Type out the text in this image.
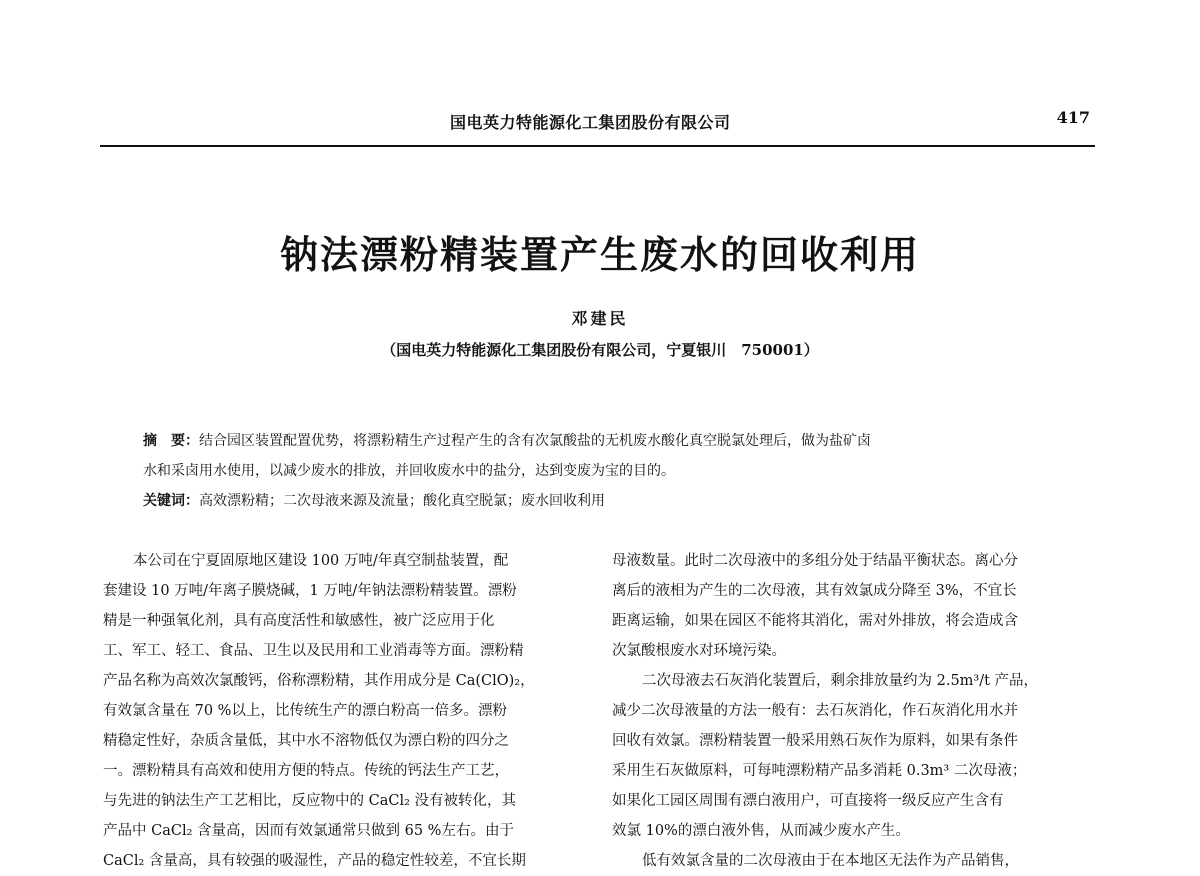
国电英力特能源化工集团股份有限公司	417
钠法漂粉精装置产生废水的回收利用
邓建民
（国电英力特能源化工集团股份有限公司，宁夏银川　750001）

摘　要：结合园区装置配置优势，将漂粉精生产过程产生的含有次氯酸盐的无机废水酸化真空脱氯处理后，做为盐矿卤

水和采卤用水使用，以减少废水的排放，并回收废水中的盐分，达到变废为宝的目的。

关键词：高效漂粉精；二次母液来源及流量；酸化真空脱氯；废水回收利用

本公司在宁夏固原地区建设 100 万吨/年真空制盐装置，配
套建设 10 万吨/年离子膜烧碱，1 万吨/年钠法漂粉精装置。漂粉
精是一种强氧化剂，具有高度活性和敏感性，被广泛应用于化
工、军工、轻工、食品、卫生以及民用和工业消毒等方面。漂粉精
产品名称为高效次氯酸钙，俗称漂粉精，其作用成分是 Ca(ClO)₂，
有效氯含量在 70 %以上，比传统生产的漂白粉高一倍多。漂粉
精稳定性好，杂质含量低，其中水不溶物低仅为漂白粉的四分之
一。漂粉精具有高效和使用方便的特点。传统的钙法生产工艺，
与先进的钠法生产工艺相比，反应物中的 CaCl₂ 没有被转化，其
产品中 CaCl₂ 含量高，因而有效氯通常只做到 65 %左右。由于
CaCl₂ 含量高，具有较强的吸湿性，产品的稳定性较差，不宜长期
母液数量。此时二次母液中的多组分处于结晶平衡状态。离心分
离后的液相为产生的二次母液，其有效氯成分降至 3%，不宜长
距离运输，如果在园区不能将其消化，需对外排放，将会造成含
次氯酸根废水对环境污染。
二次母液去石灰消化装置后，剩余排放量约为 2.5m³/t 产品，
减少二次母液量的方法一般有：去石灰消化，作石灰消化用水并
回收有效氯。漂粉精装置一般采用熟石灰作为原料，如果有条件
采用生石灰做原料，可每吨漂粉精产品多消耗 0.3m³ 二次母液；
如果化工园区周围有漂白液用户，可直接将一级反应产生含有
效氯 10%的漂白液外售，从而减少废水产生。
低有效氯含量的二次母液由于在本地区无法作为产品销售，
